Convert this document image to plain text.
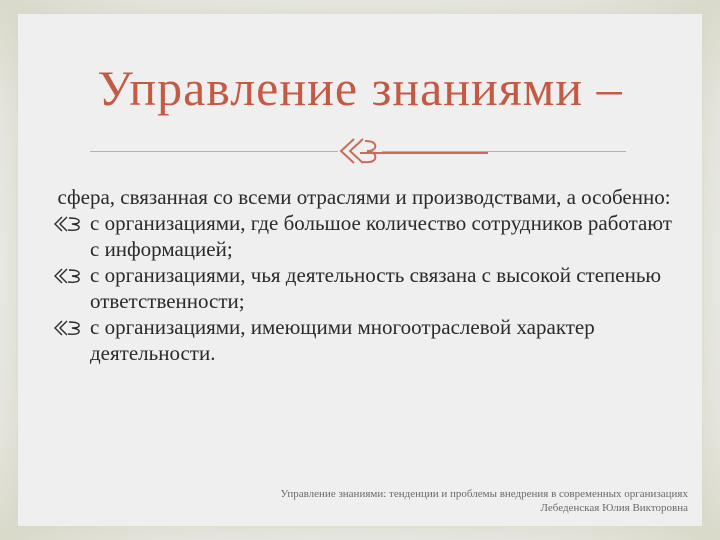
Управление знаниями –

сфера, связанная со всеми отраслями и производствами, а особенно:

с организациями, где большое количество сотрудников работают с информацией;

с организациями, чья деятельность связана с высокой степенью ответственности;

с организациями, имеющими многоотраслевой характер деятельности.

Управление знаниями: тенденции и проблемы внедрения в современных организациях
Лебеденская Юлия Викторовна
